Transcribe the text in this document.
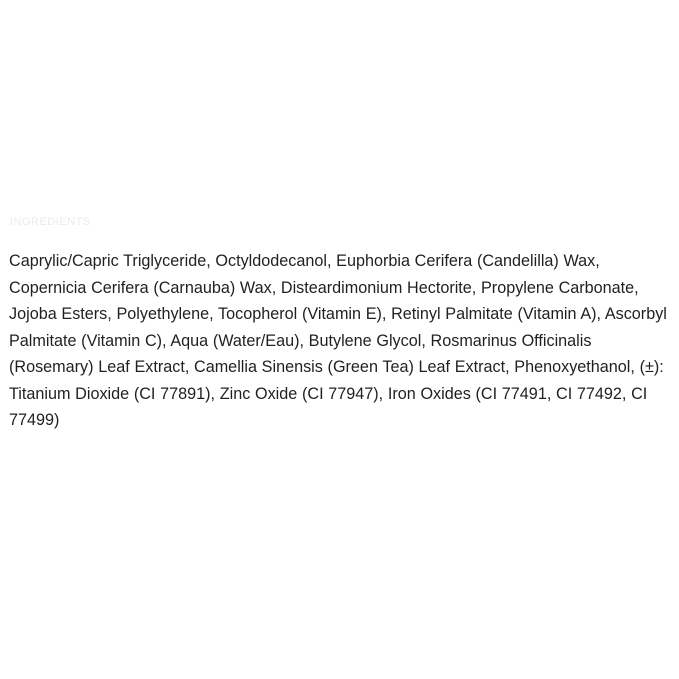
INGREDIENTS

Caprylic/Capric Triglyceride, Octyldodecanol, Euphorbia Cerifera (Candelilla) Wax, Copernicia Cerifera (Carnauba) Wax, Disteardimonium Hectorite, Propylene Carbonate, Jojoba Esters, Polyethylene, Tocopherol (Vitamin E), Retinyl Palmitate (Vitamin A), Ascorbyl Palmitate (Vitamin C), Aqua (Water/Eau), Butylene Glycol, Rosmarinus Officinalis (Rosemary) Leaf Extract, Camellia Sinensis (Green Tea) Leaf Extract, Phenoxyethanol, (±): Titanium Dioxide (CI 77891), Zinc Oxide (CI 77947), Iron Oxides (CI 77491, CI 77492, CI 77499)
